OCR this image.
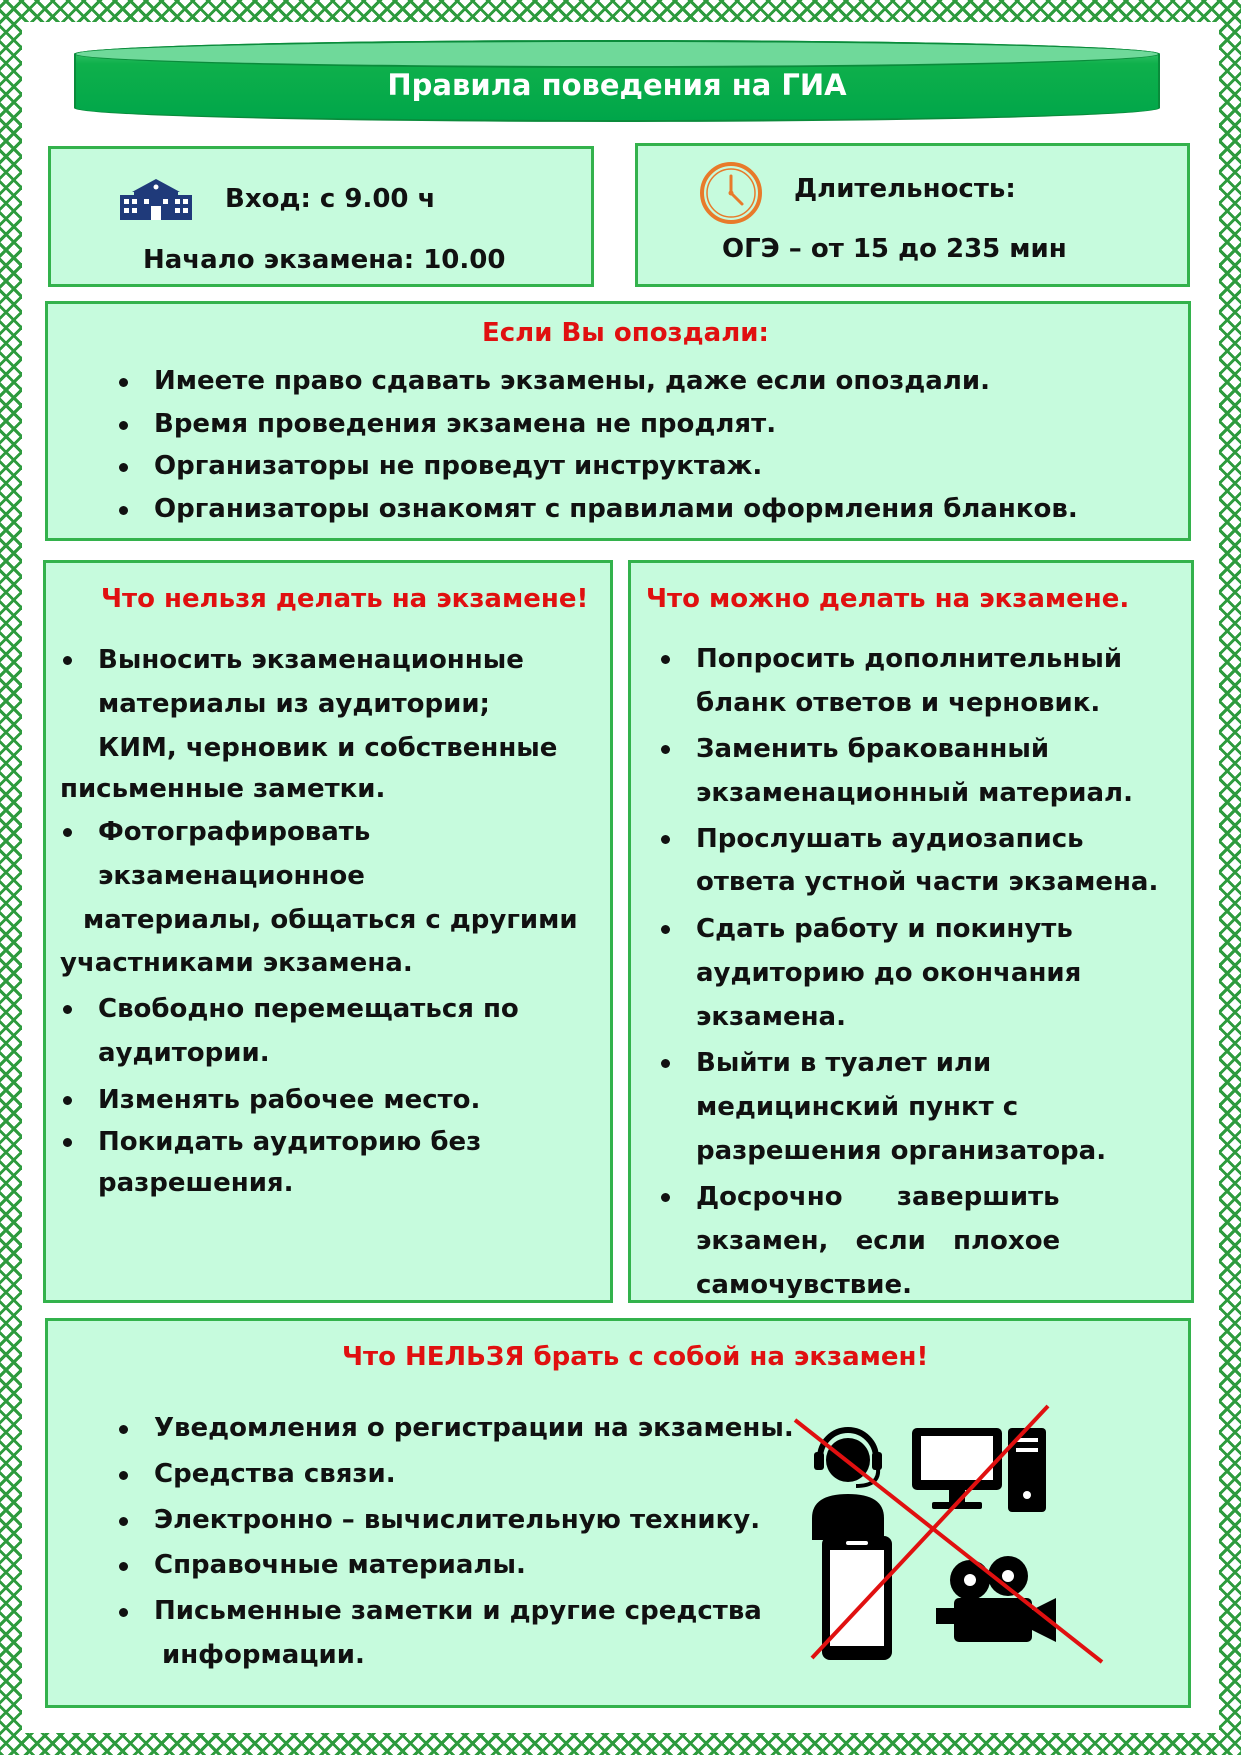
Правила поведения на ГИА
Вход: с 9.00 ч
Начало экзамена: 10.00
Длительность:
ОГЭ – от 15 до 235 мин
Если Вы опоздали:
Имеете право сдавать экзамены, даже если опоздали.
Время проведения экзамена не продлят.
Организаторы не проведут инструктаж.
Организаторы ознакомят с правилами оформления бланков.
Что нельзя делать на экзамене!
Выносить экзаменационные
материалы из аудитории;
КИМ, черновик и собственные
письменные заметки.
Фотографировать
экзаменационное
материалы, общаться с другими
участниками экзамена.
Свободно перемещаться по
аудитории.
Изменять рабочее место.
Покидать аудиторию без
разрешения.
Что можно делать на экзамене.
Попросить дополнительный
бланк ответов и черновик.
Заменить бракованный
экзаменационный материал.
Прослушать аудиозапись
ответа устной части экзамена.
Сдать работу и покинуть
аудиторию до окончания
экзамена.
Выйти в туалет или
медицинский пункт с
разрешения организатора.
Досрочно      завершить
экзамен,   если   плохое
самочувствие.
Что НЕЛЬЗЯ брать с собой на экзамен!
Уведомления о регистрации на экзамены.
Средства связи.
Электронно – вычислительную технику.
Справочные материалы.
Письменные заметки и другие средства
информации.
